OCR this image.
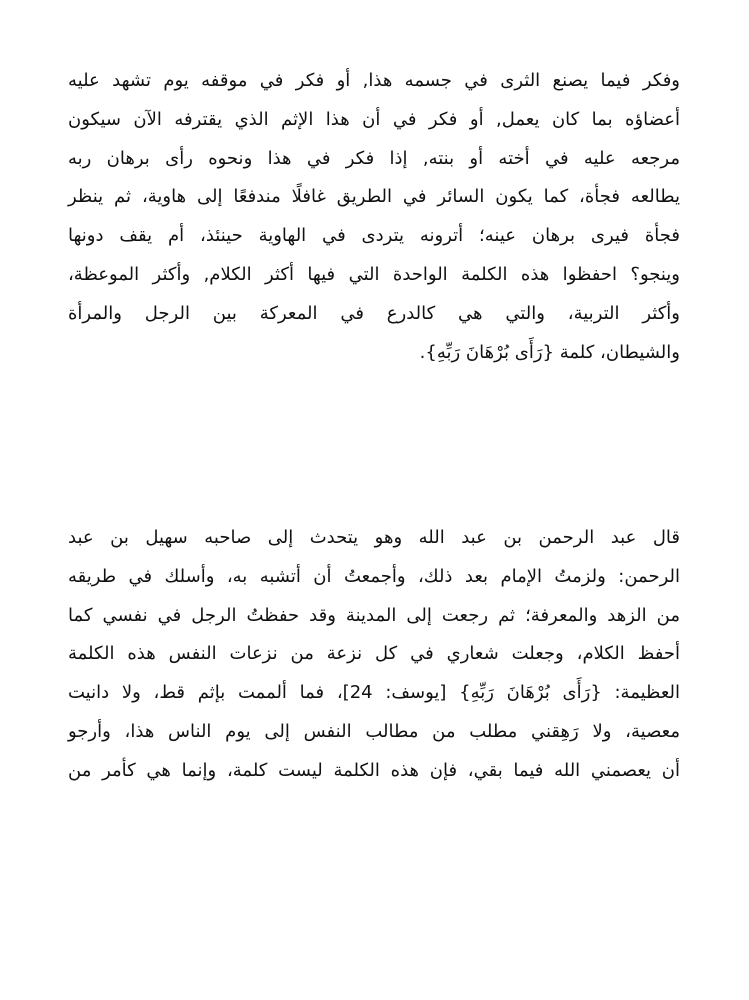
وفكر فيما يصنع الثرى في جسمه هذا, أو فكر في موقفه يوم تشهد عليه
أعضاؤه بما كان يعمل, أو فكر في أن هذا الإثم الذي يقترفه الآن سيكون
مرجعه عليه في أخته أو بنته, إذا فكر في هذا ونحوه رأى برهان ربه
يطالعه فجأة، كما يكون السائر في الطريق غافلًا مندفعًا إلى هاوية، ثم ينظر
فجأة فيرى برهان عينه؛ أترونه يتردى في الهاوية حينئذ، أم يقف دونها
وينجو؟ احفظوا هذه الكلمة الواحدة التي فيها أكثر الكلام, وأكثر الموعظة،
وأكثر التربية، والتي هي كالدرع في المعركة بين الرجل والمرأة
والشيطان، كلمة {رَأَى بُرْهَانَ رَبِّهِ}.
قال عبد الرحمن بن عبد الله وهو يتحدث إلى صاحبه سهيل بن عبد
الرحمن: ولزمتُ الإمام بعد ذلك، وأجمعتُ أن أتشبه به، وأسلك في طريقه
من الزهد والمعرفة؛ ثم رجعت إلى المدينة وقد حفظتُ الرجل في نفسي كما
أحفظ الكلام، وجعلت شعاري في كل نزعة من نزعات النفس هذه الكلمة
العظيمة: {رَأَى بُرْهَانَ رَبِّهِ} [يوسف: 24]، فما ألممت بإثم قط، ولا دانيت
معصية، ولا رَهِقني مطلب من مطالب النفس إلى يوم الناس هذا، وأرجو
أن يعصمني الله فيما بقي، فإن هذه الكلمة ليست كلمة، وإنما هي كأمر من
